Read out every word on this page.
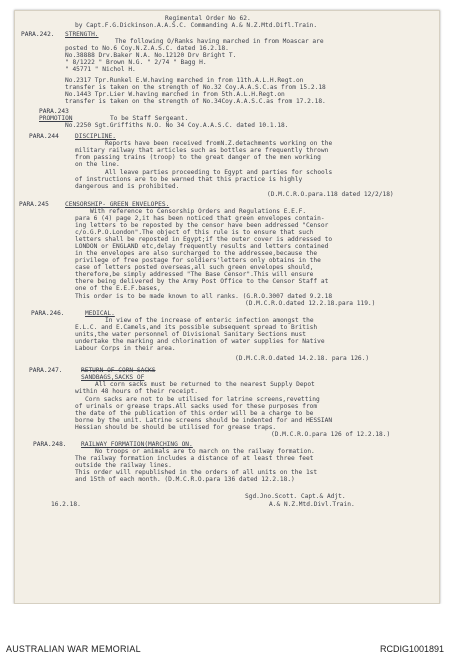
Regimental Order No 62.
by Capt.F.G.Dickinson.A.A.S.C. Commanding A.& N.Z.Mtd.Difl.Train.
PARA.242. STRENGTH.
The following O/Ranks having marched in from Moascar are
posted to No.6 Coy.N.Z.A.S.C. dated 16.2.18.
No.38888 Drv.Baker N.A. No.12120 Drv Bright T.
" 8/1222 " Brown N.G. " 2/74 " Bagg H.
" 45771 " Nichol H.
No.2317 Tpr.Runkel E.W.having marched in from 11th.A.L.H.Regt.on
transfer is taken on the strength of No.32 Coy.A.A.S.C.as from 15.2.18
No.1443 Tpr.Lier W.having marched in from 5th.A.L.H.Regt.on
transfer is taken on the strength of No.34Coy.A.A.S.C.as from 17.2.18.
PARA.243
PROMOTION	To be Staff Sergeant.
No.2250 Sgt.Griffiths N.O. No 34 Coy.A.A.S.C. dated 10.1.18.
PARA.244	DISCIPLINE.
Reports have been received fromN.Z.detachments working on the
military railway that articles such as bottles are frequently thrown
from passing trains (troop) to the great danger of the men working
on the line.
All leave parties proceeding to Egypt and parties for schools
of instructions are to be warned that this practice is highly
dangerous and is prohibited.
(D.M.C.R.O.para.118 dated 12/2/18)
PARA.245	CENSORSHIP- GREEN ENVELOPES.
With reference to Censorship Orders and Regulations E.E.F.
para 6 (4) page 2,it has been noticed that green envelopes contain-
ing letters to be reposted by the censor have been addressed "Censor
c/o.G.P.O.London".The object of this rule is to ensure that such
letters shall be reposted in Egypt;if the outer cover is addressed to
LONDON or ENGLAND etc,delay frequently results and letters contained
in the envelopes are also surcharged to the addressee,because the
privilege of free postage for soldiers'letters only obtains in the
case of letters posted overseas,all such green envelopes should,
therefore,be simply addressed "The Base Censor".This will ensure
there being delivered by the Army Post Office to the Censor Staff at
one of the E.E.F.bases,
This order is to be made known to all ranks. (G.R.O.3007 dated 9.2.18
(D.M.C.R.O.dated 12.2.18.para 119.)
PARA.246.	MEDICAL.
In view of the increase of enteric infection amongst the
E.L.C. and E.Camels,and its possible subsequent spread to British
units,the water personnel of Divisional Sanitary Sections must
undertake the marking and chlorination of water supplies for Native
Labour Corps in their area.
(D.M.C.R.O.dated 14.2.18. para 126.)
PARA.247.	RETURN OF CORN SACKS
SANDBAGS,SACKS OF
All corn sacks must be returned to the nearest Supply Depot
within 48 hours of their receipt.
Corn sacks are not to be utilised for latrine screens,revetting
of urinals or grease traps.All sacks used for these purposes from
the date of the publication of this order will be a charge to be
borne by the unit. Latrine screens should be indented for and HESSIAN
Hessian should be should be utilised for grease traps.
(D.M.C.R.O.para 126 of 12.2.18.)
PARA.248. RAILWAY FORMATION(MARCHING ON.
No troops or animals are to march on the railway formation.
The railway formation includes a distance of at least three feet
outside the railway lines.
This order will republished in the orders of all units on the 1st
and 15th of each month. (D.M.C.R.O.para 136 dated 12.2.18.)
Sgd.Jno.Scott. Capt.& Adjt.
16.2.18.	A.& N.Z.Mtd.Divl.Train.
AUSTRALIAN WAR MEMORIAL	RCDIG1001891
